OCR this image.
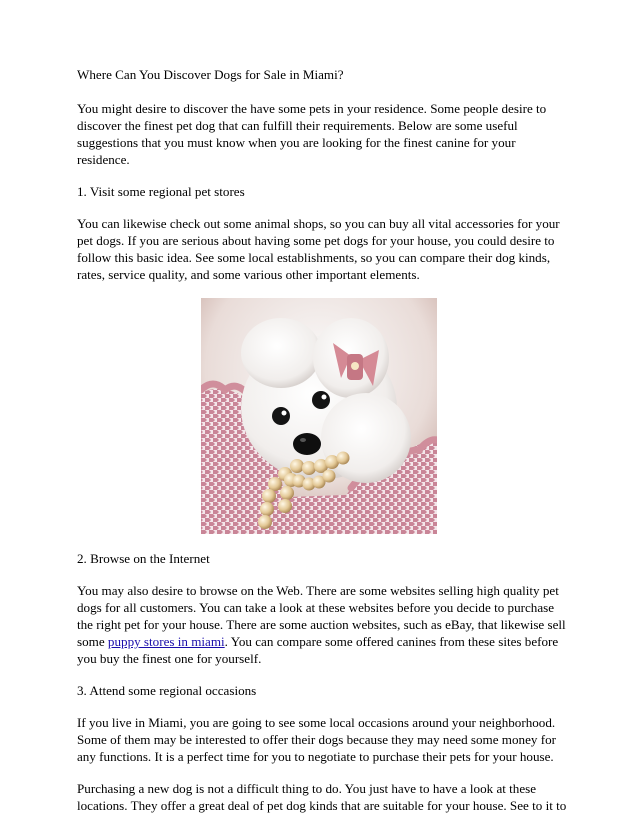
Where Can You Discover Dogs for Sale in Miami?

You might desire to discover the have some pets in your residence. Some people desire to discover the finest pet dog that can fulfill their requirements. Below are some useful suggestions that you must know when you are looking for the finest canine for your residence.

1. Visit some regional pet stores

You can likewise check out some animal shops, so you can buy all vital accessories for your pet dogs. If you are serious about having some pet dogs for your house, you could desire to follow this basic idea. See some local establishments, so you can compare their dog kinds, rates, service quality, and some various other important elements.

2. Browse on the Internet

You may also desire to browse on the Web. There are some websites selling high quality pet dogs for all customers. You can take a look at these websites before you decide to purchase the right pet for your house. There are some auction websites, such as eBay, that likewise sell some puppy stores in miami. You can compare some offered canines from these sites before you buy the finest one for yourself.

3. Attend some regional occasions

If you live in Miami, you are going to see some local occasions around your neighborhood. Some of them may be interested to offer their dogs because they may need some money for any functions. It is a perfect time for you to negotiate to purchase their pets for your house.

Purchasing a new dog is not a difficult thing to do. You just have to have a look at these locations. They offer a great deal of pet dog kinds that are suitable for your house. See to it to
